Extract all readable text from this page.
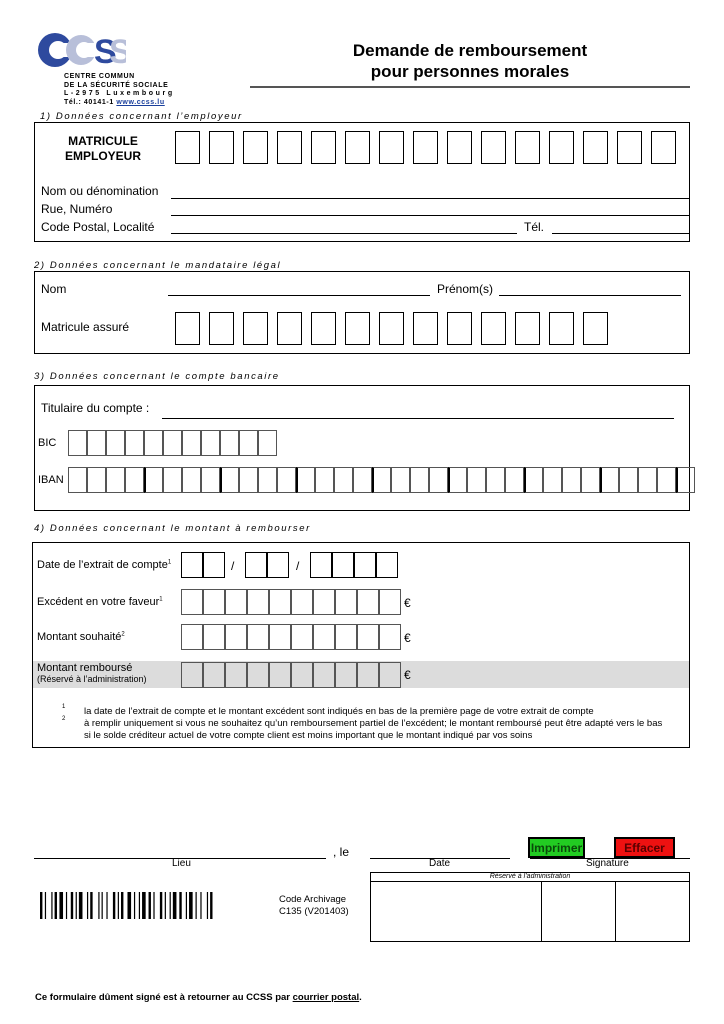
S
S
CENTRE COMMUN
DE LA SÉCURITÉ SOCIALE
L-2975 Luxembourg
Tél.: 40141-1 www.ccss.lu
Demande de remboursement
pour personnes morales
1) Données concernant l’employeur
MATRICULE
EMPLOYEUR
Nom ou dénomination
Rue, Numéro
Code Postal, Localité	Tél.
2) Données concernant le mandataire légal
Nom	Prénom(s)
Matricule assuré
3) Données concernant le compte bancaire
Titulaire du compte :
BIC
IBAN
4) Données concernant le montant à rembourser
Date de l’extrait de compte$^1$	/	/
Excédent en votre faveur$^1$	€
Montant souhaité$^2$	€
Montant remboursé
(Réservé à l’administration)	€
1 la date de l’extrait de compte et le montant excédent sont indiqués en bas de la première page de votre extrait de compte
2 à remplir uniquement si vous ne souhaitez qu’un remboursement partiel de l’excédent; le montant remboursé peut être adapté vers le bas
si le solde créditeur actuel de votre compte client est moins important que le montant indiqué par vos soins
, le
Lieu	Date	Signature
Imprimer	Effacer
Réservé à l’administration
Code Archivage
C135 (V201403)
Ce formulaire dûment signé est à retourner au CCSS par courrier postal.
